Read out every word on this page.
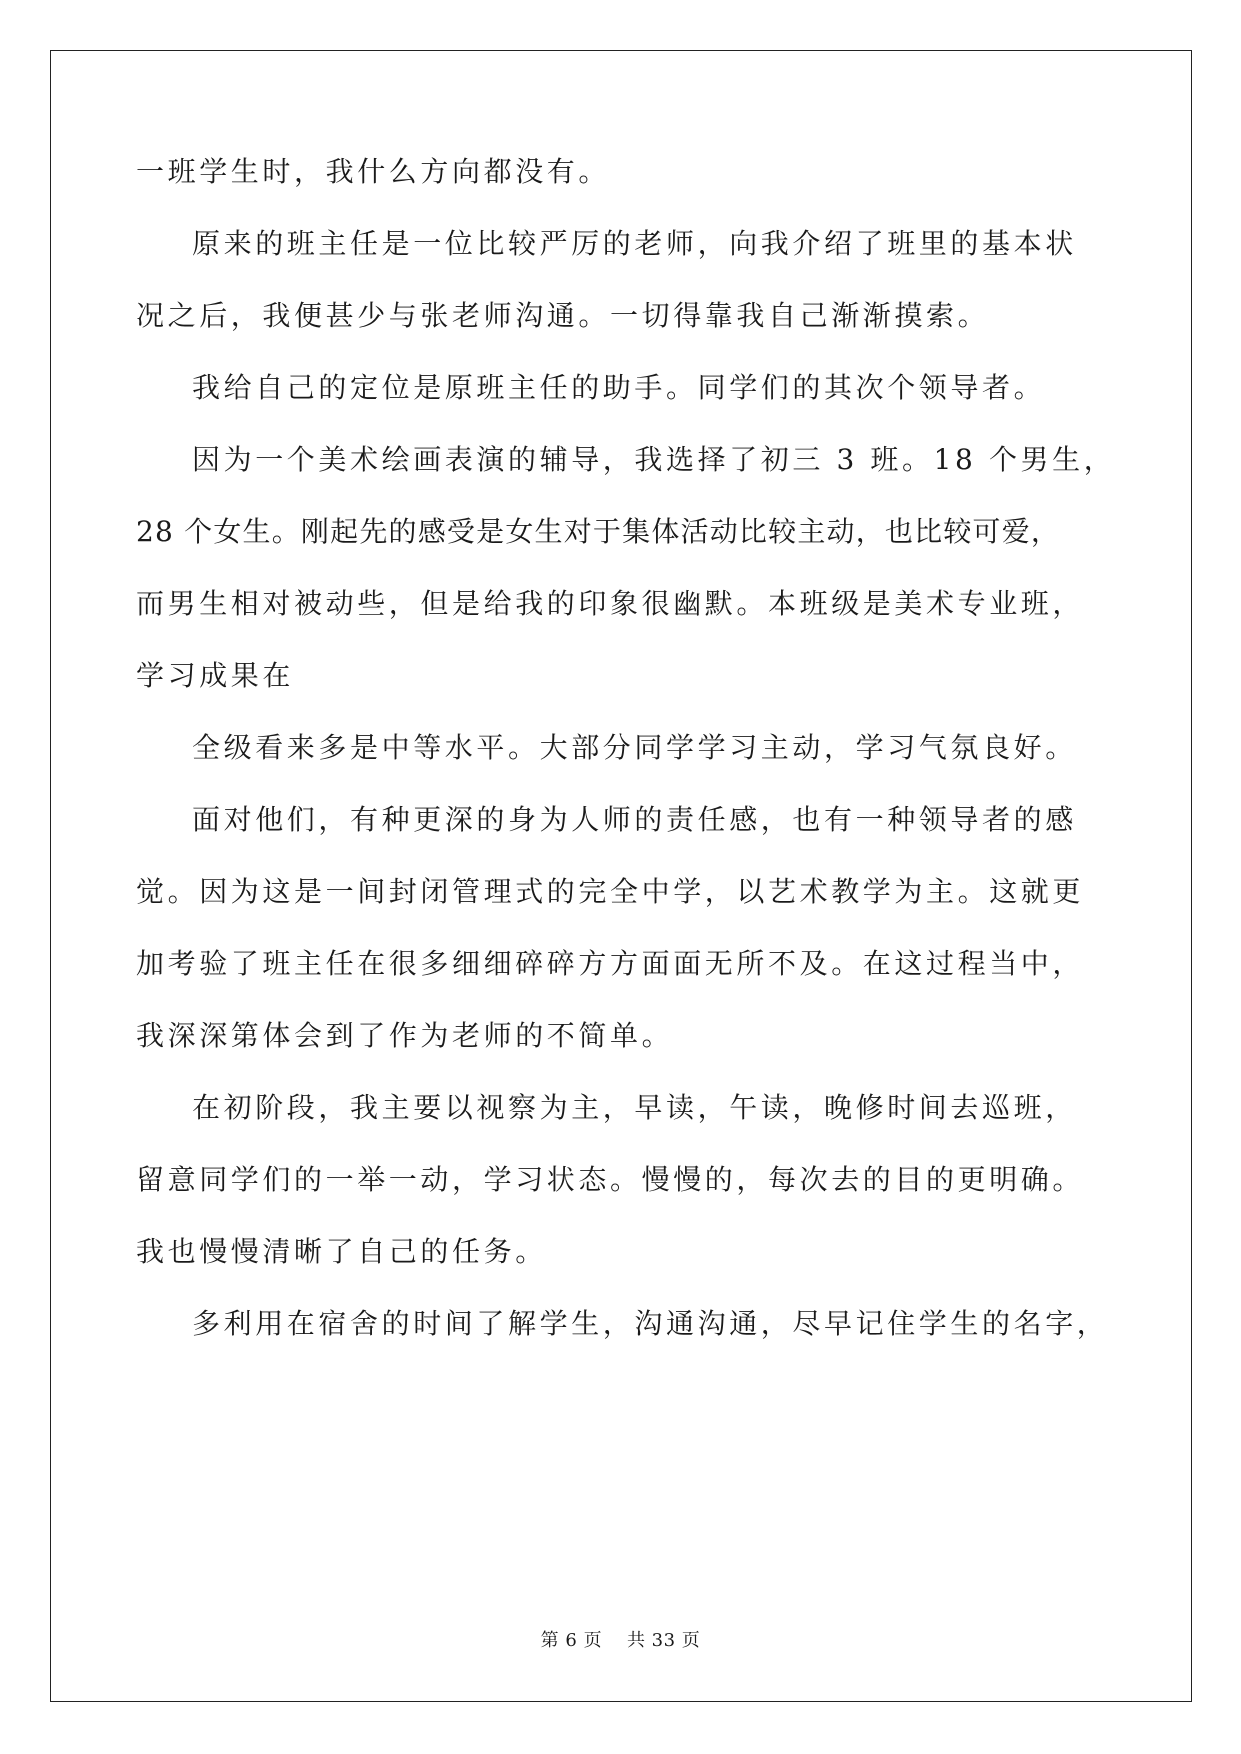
一班学生时，我什么方向都没有。
原来的班主任是一位比较严厉的老师，向我介绍了班里的基本状
况之后，我便甚少与张老师沟通。一切得靠我自己渐渐摸索。
我给自己的定位是原班主任的助手。同学们的其次个领导者。
因为一个美术绘画表演的辅导，我选择了初三 3 班。18 个男生，
28 个女生。刚起先的感受是女生对于集体活动比较主动，也比较可爱，
而男生相对被动些，但是给我的印象很幽默。本班级是美术专业班，
学习成果在
全级看来多是中等水平。大部分同学学习主动，学习气氛良好。
面对他们，有种更深的身为人师的责任感，也有一种领导者的感
觉。因为这是一间封闭管理式的完全中学，以艺术教学为主。这就更
加考验了班主任在很多细细碎碎方方面面无所不及。在这过程当中，
我深深第体会到了作为老师的不简单。
在初阶段，我主要以视察为主，早读，午读，晚修时间去巡班，
留意同学们的一举一动，学习状态。慢慢的，每次去的目的更明确。
我也慢慢清晰了自己的任务。
多利用在宿舍的时间了解学生，沟通沟通，尽早记住学生的名字，
第 6 页    共 33 页
